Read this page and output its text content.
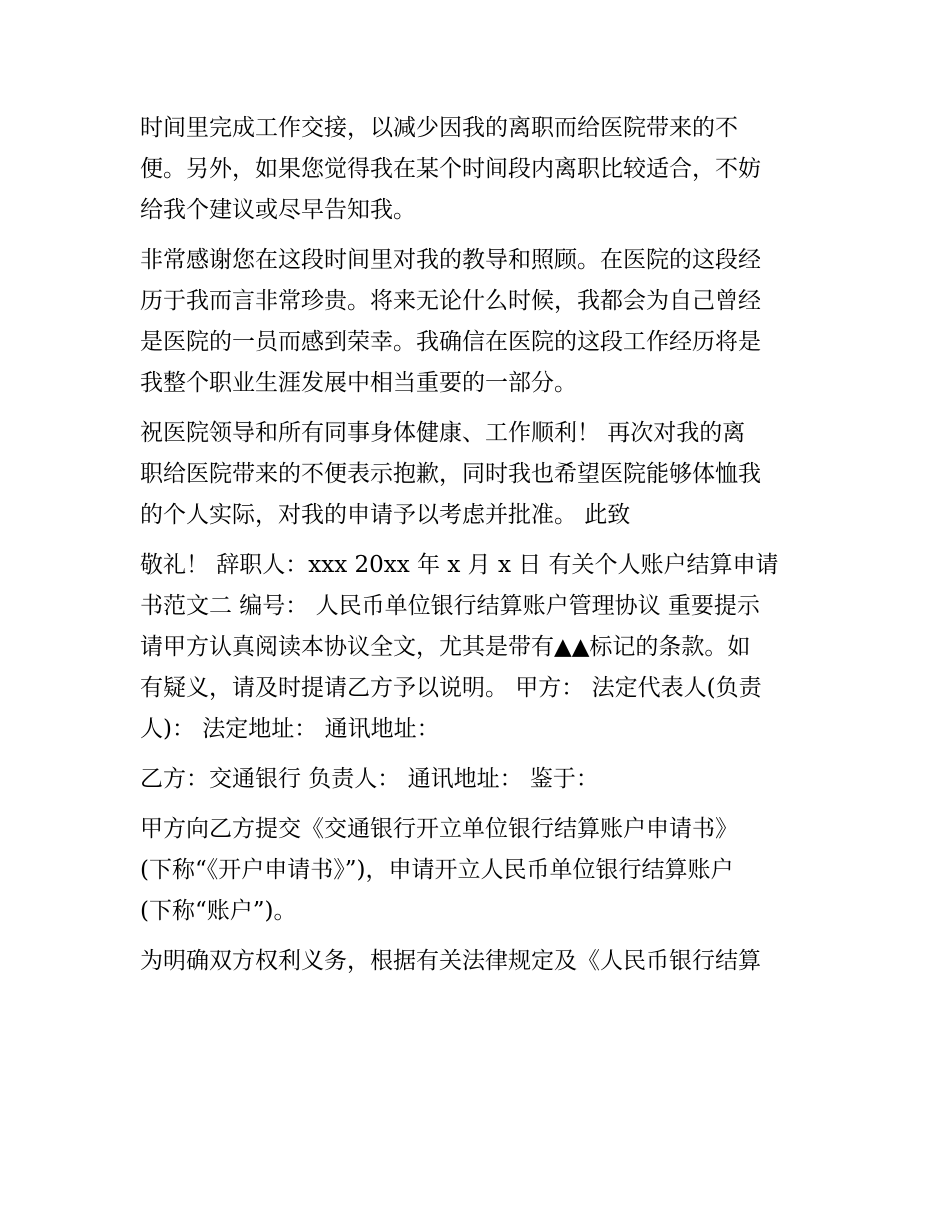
时间里完成工作交接，以减少因我的离职而给医院带来的不
便。另外，如果您觉得我在某个时间段内离职比较适合，不妨
给我个建议或尽早告知我。
非常感谢您在这段时间里对我的教导和照顾。在医院的这段经
历于我而言非常珍贵。将来无论什么时候，我都会为自己曾经
是医院的一员而感到荣幸。我确信在医院的这段工作经历将是
我整个职业生涯发展中相当重要的一部分。
祝医院领导和所有同事身体健康、工作顺利！ 再次对我的离
职给医院带来的不便表示抱歉，同时我也希望医院能够体恤我
的个人实际，对我的申请予以考虑并批准。 此致
敬礼！ 辞职人：xxx 20xx 年 x 月 x 日 有关个人账户结算申请
书范文二 编号： 人民币单位银行结算账户管理协议 重要提示
请甲方认真阅读本协议全文，尤其是带有▲▲标记的条款。如
有疑义，请及时提请乙方予以说明。 甲方： 法定代表人(负责
人)： 法定地址： 通讯地址：
乙方：交通银行 负责人： 通讯地址： 鉴于：
甲方向乙方提交《交通银行开立单位银行结算账户申请书》
(下称“《开户申请书》”)，申请开立人民币单位银行结算账户
(下称“账户”)。
为明确双方权利义务，根据有关法律规定及《人民币银行结算
